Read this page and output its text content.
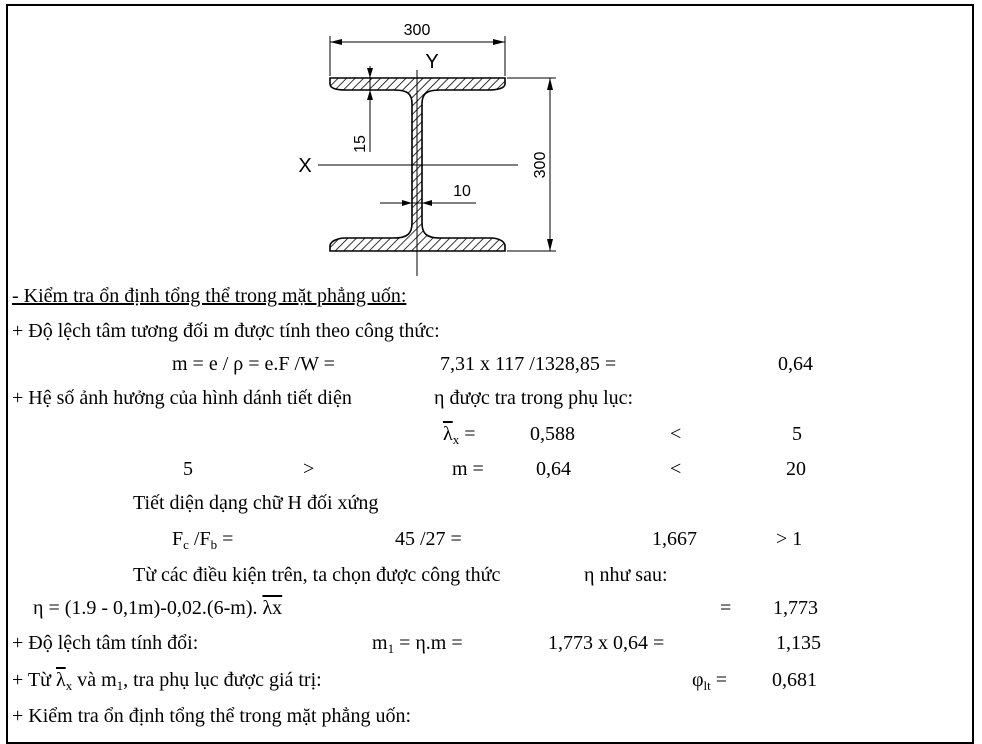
300
Y
X	300
15
10
- Kiểm tra ổn định tổng thể trong mặt phẳng uốn:
+ Độ lệch tâm tương đối m được tính theo công thức:
m = e / ρ = e.F /W =	7,31 x 117 /1328,85 =	0,64
+ Hệ số ảnh hưởng của hình dánh tiết diện	η được tra trong phụ lục:
$\overline{\lambda}_x$ =	0,588	<	5
5	>	m =	0,64	<	20
Tiết diện dạng chữ H đối xứng
$F_c$ $/F_b$ =	45 /27 =	1,667	> 1
Từ các điều kiện trên, ta chọn được công thức	η như sau:
η = (1.9 - 0,1m)-0,02.(6-m). $\overline{\lambda x}$	= 1,773
+ Độ lệch tâm tính đổi:	$m_1 = \eta.m$ =	1,773 x 0,64 =	1,135
+ Từ $\overline{\lambda}_x$ và $m_1$, tra phụ lục được giá trị:	$\varphi_{lt} = 0,681$
+ Kiểm tra ổn định tổng thể trong mặt phẳng uốn:
